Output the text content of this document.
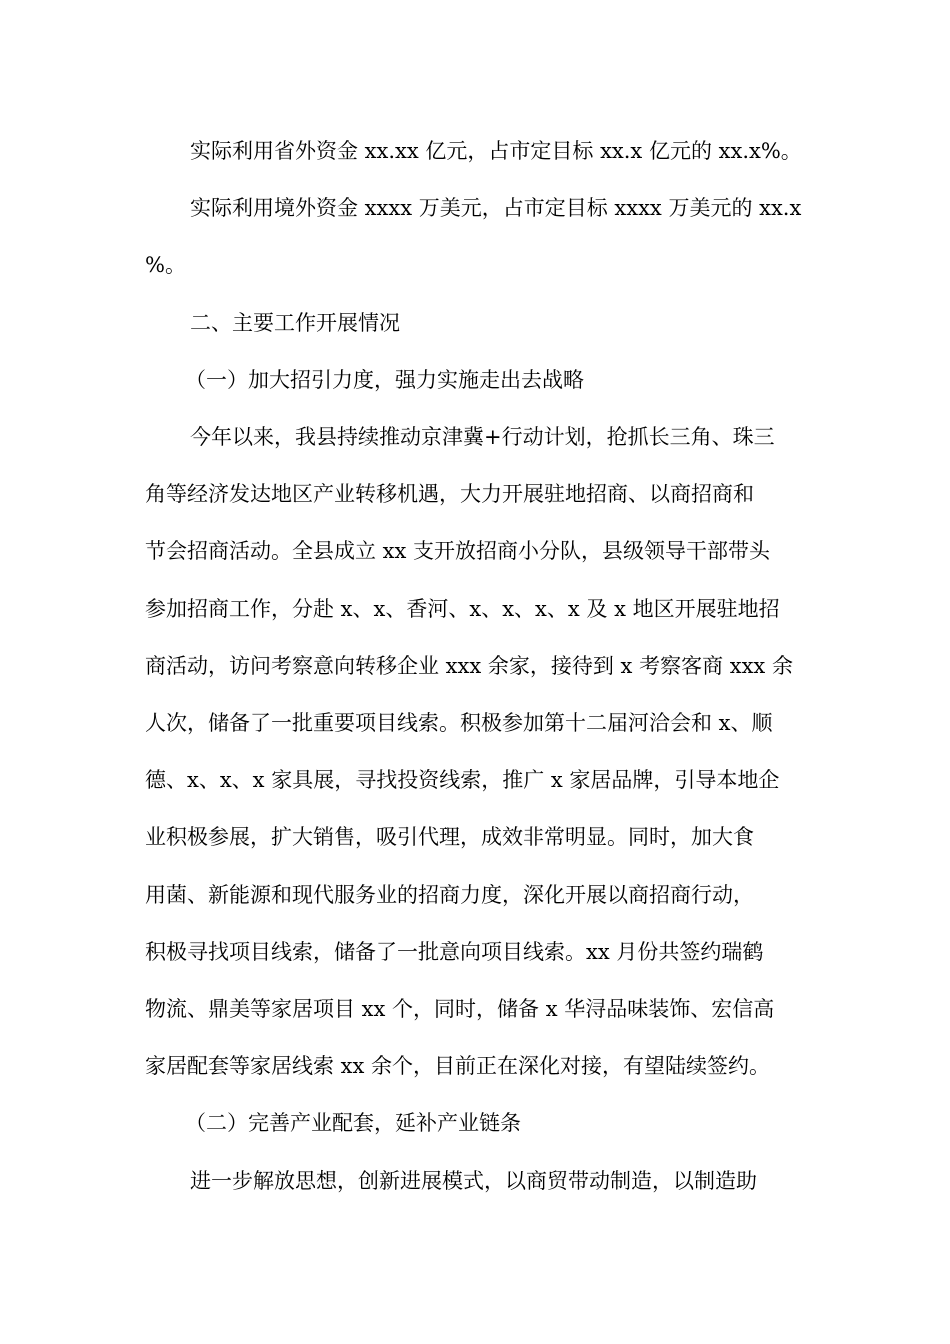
实际利用省外资金 xx.xx 亿元，占市定目标 xx.x 亿元的 xx.x%。
实际利用境外资金 xxxx 万美元，占市定目标 xxxx 万美元的 xx.x
%。
二、主要工作开展情况
（一）加大招引力度，强力实施走出去战略
今年以来，我县持续推动京津冀+行动计划，抢抓长三角、珠三
角等经济发达地区产业转移机遇，大力开展驻地招商、以商招商和
节会招商活动。全县成立 xx 支开放招商小分队，县级领导干部带头
参加招商工作，分赴 x、x、香河、x、x、x、x 及 x 地区开展驻地招
商活动，访问考察意向转移企业 xxx 余家，接待到 x 考察客商 xxx 余
人次，储备了一批重要项目线索。积极参加第十二届河洽会和 x、顺
德、x、x、x 家具展，寻找投资线索，推广 x 家居品牌，引导本地企
业积极参展，扩大销售，吸引代理，成效非常明显。同时，加大食
用菌、新能源和现代服务业的招商力度，深化开展以商招商行动，
积极寻找项目线索，储备了一批意向项目线索。xx 月份共签约瑞鹤
物流、鼎美等家居项目 xx 个，同时，储备 x 华浔品味装饰、宏信高
家居配套等家居线索 xx 余个，目前正在深化对接，有望陆续签约。
（二）完善产业配套，延补产业链条
进一步解放思想，创新进展模式，以商贸带动制造，以制造助
